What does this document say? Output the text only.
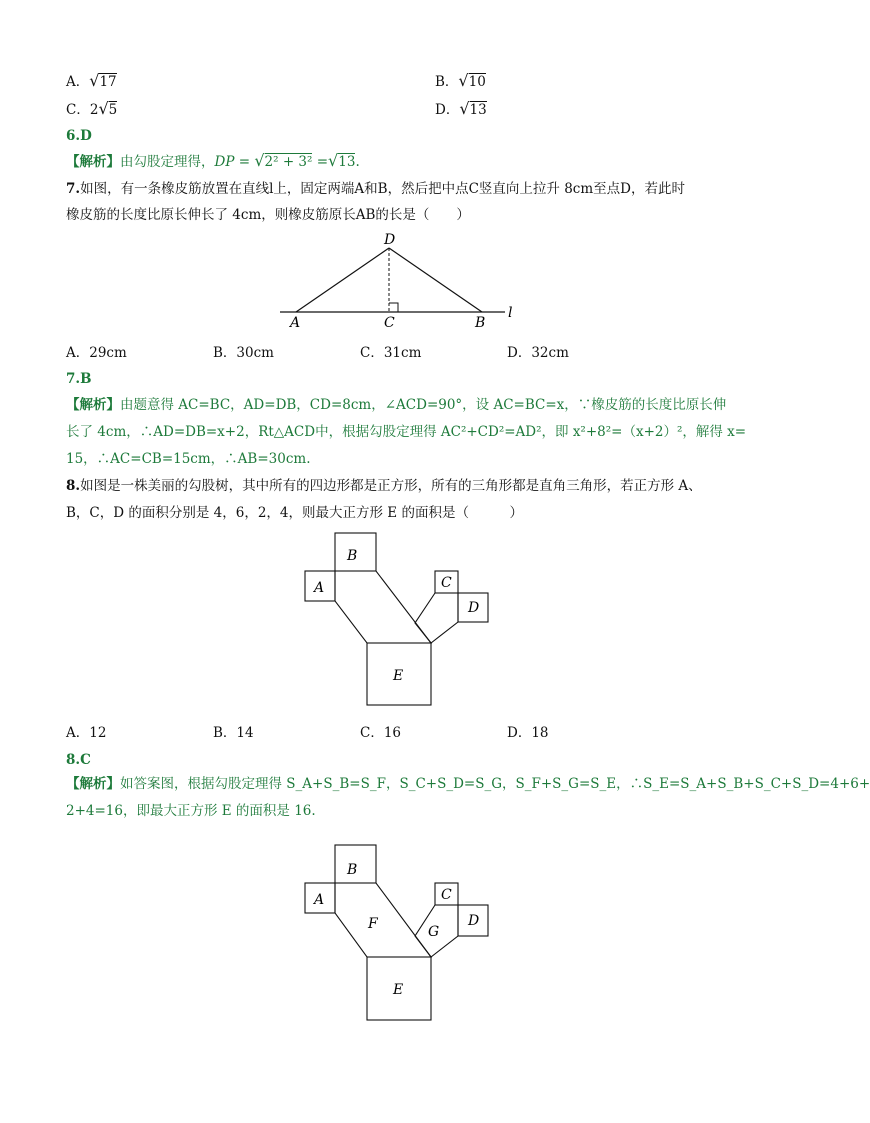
A．√17	B．√10
C．2√5	D．√13
6.D
【解析】由勾股定理得，DP = √2² + 3² =√13.
7.如图，有一条橡皮筋放置在直线l上，固定两端A和B，然后把中点C竖直向上拉升 8cm至点D，若此时
橡皮筋的长度比原长伸长了 4cm，则橡皮筋原长AB的长是（　　）
D
A	C	B
l
A．29cm	B．30cm	C．31cm	D．32cm
7.B
【解析】由题意得 AC=BC，AD=DB，CD=8cm，∠ACD=90°，设 AC=BC=x，∵橡皮筋的长度比原长伸
长了 4cm，∴AD=DB=x+2，Rt△ACD中，根据勾股定理得 AC²+CD²=AD²，即 x²+8²=（x+2）²，解得 x=
15，∴AC=CB=15cm，∴AB=30cm.
8.如图是一株美丽的勾股树，其中所有的四边形都是正方形，所有的三角形都是直角三角形，若正方形 A、
B，C，D 的面积分别是 4，6，2，4，则最大正方形 E 的面积是（　　　）
B
A	C
D
E
A．12	B．14	C．16	D．18
8.C
【解析】如答案图，根据勾股定理得 S_A+S_B=S_F，S_C+S_D=S_G，S_F+S_G=S_E，∴S_E=S_A+S_B+S_C+S_D=4+6+
2+4=16，即最大正方形 E 的面积是 16.
B
A
F
C
D
G
E
